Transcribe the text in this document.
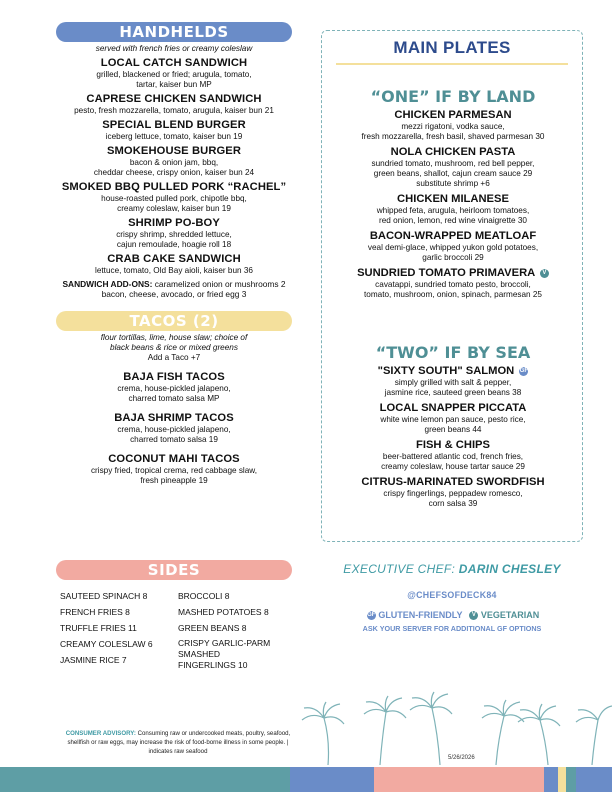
HANDHELDS
served with french fries or creamy coleslaw
LOCAL CATCH SANDWICH
grilled, blackened or fried; arugula, tomato,
tartar, kaiser bun MP
CAPRESE CHICKEN SANDWICH
pesto, fresh mozzarella, tomato, arugula, kaiser bun 21
SPECIAL BLEND BURGER
iceberg lettuce, tomato, kaiser bun 19
SMOKEHOUSE BURGER
bacon & onion jam, bbq,
cheddar cheese, crispy onion, kaiser bun 24
SMOKED BBQ PULLED PORK “RACHEL”
house-roasted pulled pork, chipotle bbq,
creamy coleslaw, kaiser bun 19
SHRIMP PO-BOY
crispy shrimp, shredded lettuce,
cajun remoulade, hoagie roll 18
CRAB CAKE SANDWICH
lettuce, tomato, Old Bay aioli, kaiser bun 36
SANDWICH ADD-ONS: caramelized onion or mushrooms 2
bacon, cheese, avocado, or fried egg 3
TACOS (2)
flour tortillas, lime, house slaw; choice of
black beans & rice or mixed greens
Add a Taco +7
BAJA FISH TACOS
crema, house-pickled jalapeno,
charred tomato salsa MP
BAJA SHRIMP TACOS
crema, house-pickled jalapeno,
charred tomato salsa 19
COCONUT MAHI TACOS
crispy fried, tropical crema, red cabbage slaw,
fresh pineapple 19
SIDES
SAUTEED SPINACH 8
FRENCH FRIES 8
TRUFFLE FRIES 11
CREAMY COLESLAW 6
JASMINE RICE 7
BROCCOLI 8
MASHED POTATOES 8
GREEN BEANS 8
CRISPY GARLIC-PARM
SMASHED
FINGERLINGS 10
CONSUMER ADVISORY: Consuming raw or undercooked meats, poultry, seafood, shellfish or raw eggs, may increase the risk of food-borne illness in some people. | indicates raw seafood
MAIN PLATES
“ONE” IF BY LAND
CHICKEN PARMESAN
mezzi rigatoni, vodka sauce,
fresh mozzarella, fresh basil, shaved parmesan 30
NOLA CHICKEN PASTA
sundried tomato, mushroom, red bell pepper,
green beans, shallot, cajun cream sauce 29
substitute shrimp +6
CHICKEN MILANESE
whipped feta, arugula, heirloom tomatoes,
red onion, lemon, red wine vinaigrette 30
BACON-WRAPPED MEATLOAF
veal demi-glace, whipped yukon gold potatoes,
garlic broccoli 29
SUNDRIED TOMATO PRIMAVERA V
cavatappi, sundried tomato pesto, broccoli,
tomato, mushroom, onion, spinach, parmesan 25
“TWO” IF BY SEA
"SIXTY SOUTH" SALMON GF
simply grilled with salt & pepper,
jasmine rice, sauteed green beans 38
LOCAL SNAPPER PICCATA
white wine lemon pan sauce, pesto rice,
green beans 44
FISH & CHIPS
beer-battered atlantic cod, french fries,
creamy coleslaw, house tartar sauce 29
CITRUS-MARINATED SWORDFISH
crispy fingerlings, peppadew romesco,
corn salsa 39
EXECUTIVE CHEF: DARIN CHESLEY
@CHEFSOFDECK84
GF GLUTEN-FRIENDLY V VEGETARIAN
ASK YOUR SERVER FOR ADDITIONAL GF OPTIONS
5/26/2026
